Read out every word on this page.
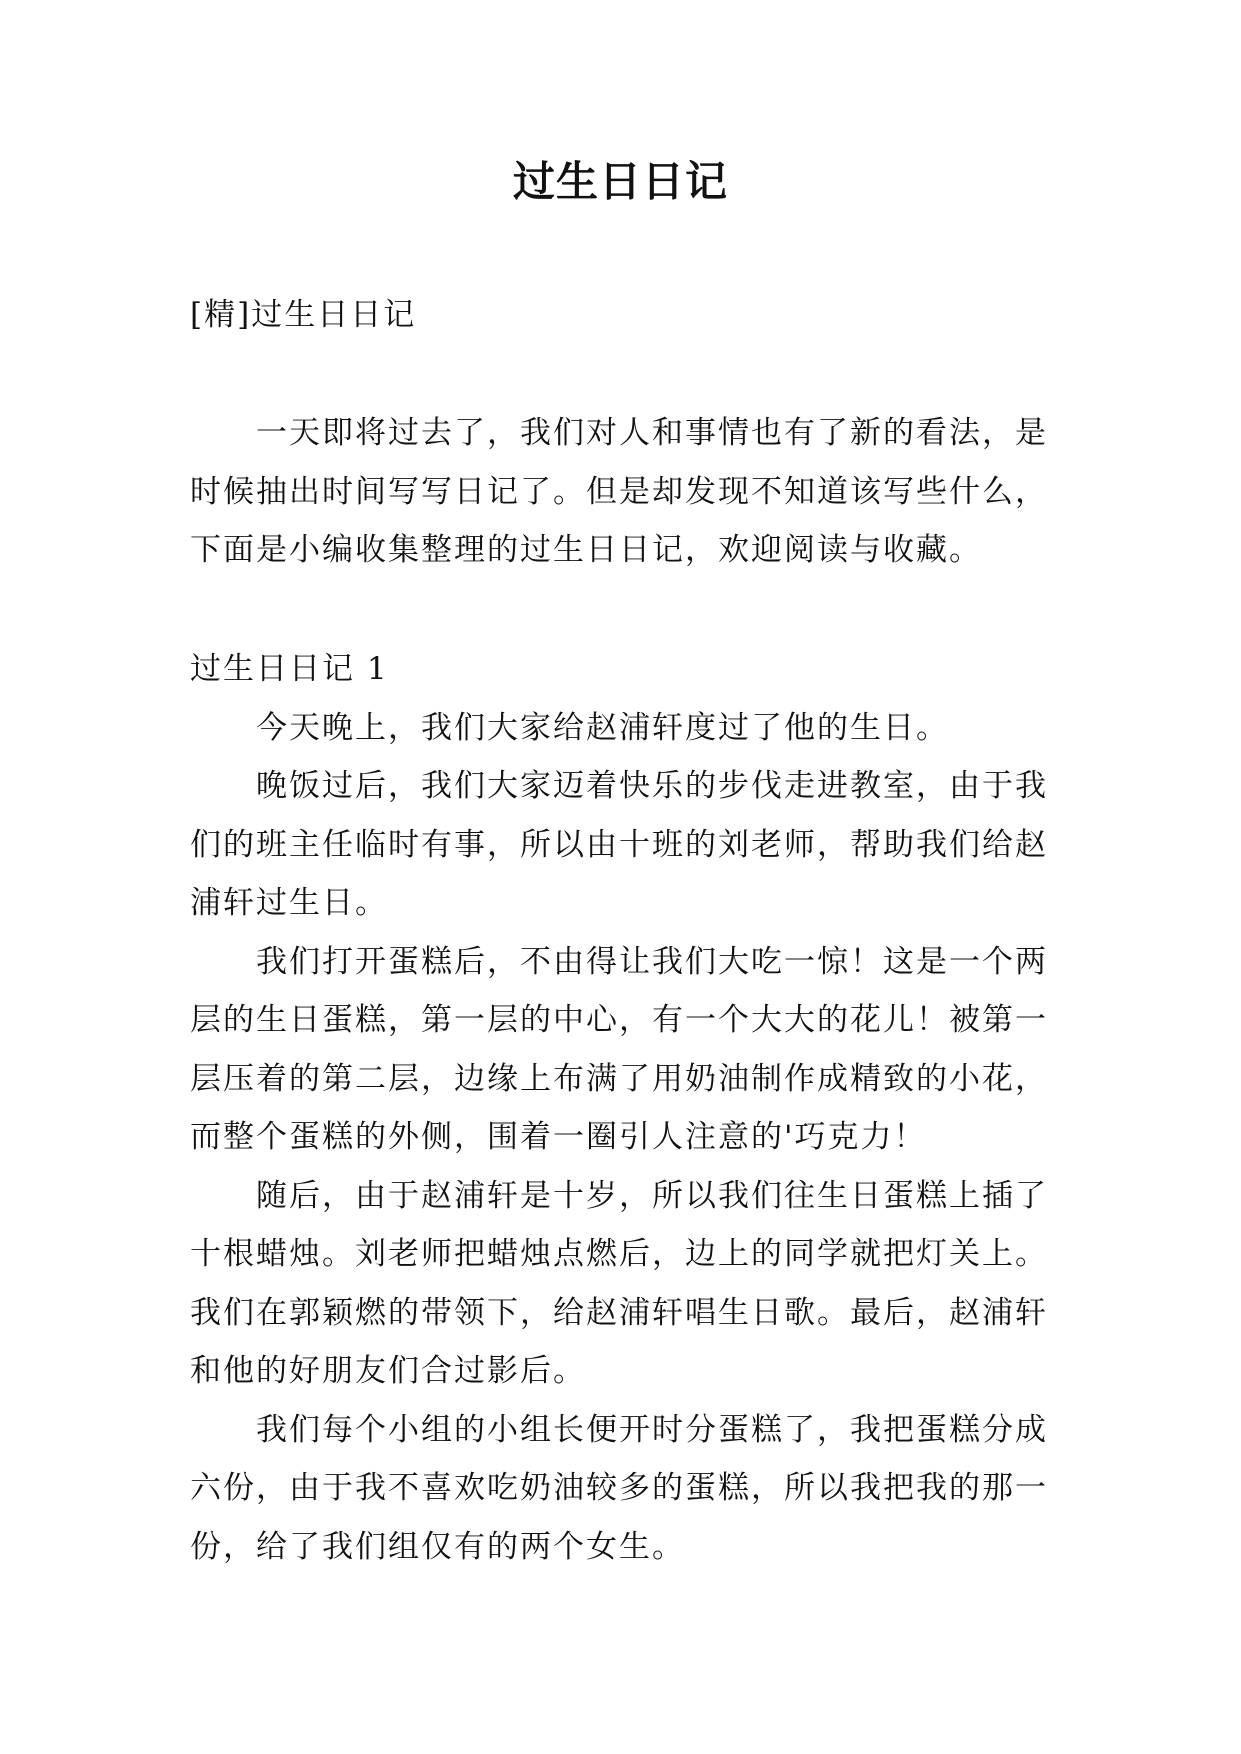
过生日日记
[精]过生日日记

一天即将过去了，我们对人和事情也有了新的看法，是时候抽出时间写写日记了。但是却发现不知道该写些什么，下面是小编收集整理的过生日日记，欢迎阅读与收藏。

过生日日记 1

今天晚上，我们大家给赵浦轩度过了他的生日。

晚饭过后，我们大家迈着快乐的步伐走进教室，由于我们的班主任临时有事，所以由十班的刘老师，帮助我们给赵浦轩过生日。

我们打开蛋糕后，不由得让我们大吃一惊！这是一个两层的生日蛋糕，第一层的中心，有一个大大的花儿！被第一层压着的第二层，边缘上布满了用奶油制作成精致的小花，而整个蛋糕的外侧，围着一圈引人注意的'巧克力！

随后，由于赵浦轩是十岁，所以我们往生日蛋糕上插了十根蜡烛。刘老师把蜡烛点燃后，边上的同学就把灯关上。我们在郭颖燃的带领下，给赵浦轩唱生日歌。最后，赵浦轩和他的好朋友们合过影后。

我们每个小组的小组长便开时分蛋糕了，我把蛋糕分成六份，由于我不喜欢吃奶油较多的蛋糕，所以我把我的那一份，给了我们组仅有的两个女生。
